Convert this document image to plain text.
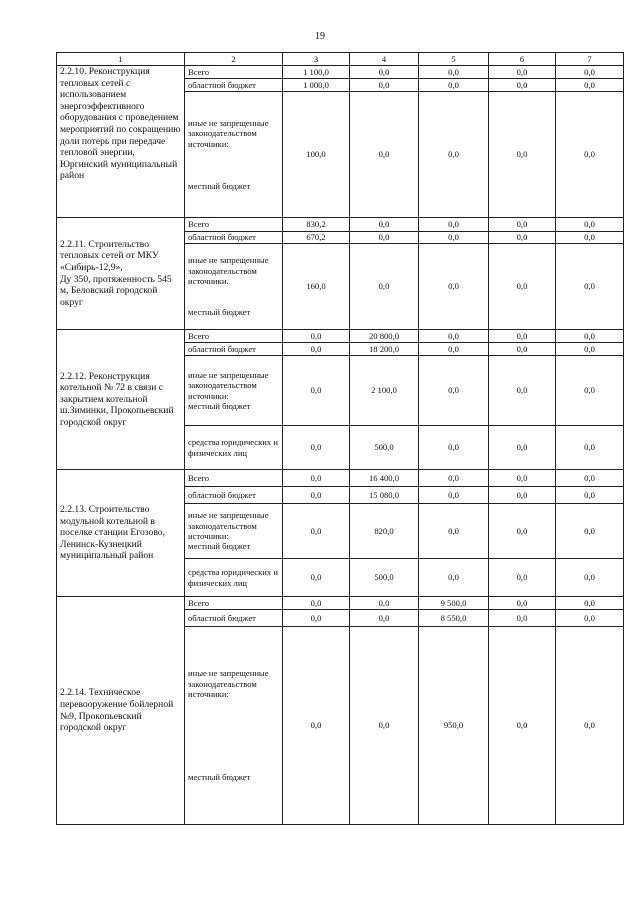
19
1	2	3	4	5	6	7
2.2.10. Реконструкция тепловых сетей с использованием энергоэффективного оборудования с проведением мероприятий по сокращению доли потерь при передаче тепловой энергии,
Юргинский муниципальный район	Всего	1 100,0	0,0	0,0	0,0	0,0
	областной бюджет	1 000,0	0,0	0,0	0,0	0,0
	иные не запрещенные законодательством источники:

местный бюджет	100,0	0,0	0,0	0,0	0,0
2.2.11. Строительство тепловых сетей от МКУ «Сибирь-12,9»,
Ду 350, протяженность 545 м, Беловский городской округ	Всего	830,2	0,0	0,0	0,0	0,0
	областной бюджет	670,2	0,0	0,0	0,0	0,0
	иные не запрещенные законодательством источники.

местный бюджет	160,0	0,0	0,0	0,0	0,0
2.2.12. Реконструкция котельной № 72 в связи с закрытием котельной ш.Зиминки, Прокопьевский городской округ	Всего	0,0	20 800,0	0,0	0,0	0,0
	областной бюджет	0,0	18 200,0	0,0	0,0	0,0
	иные не запрещенные законодательством источники:
местный бюджет	0,0	2 100,0	0,0	0,0	0,0
	средства юридических и физических лиц	0,0	500,0	0,0	0,0	0,0
2.2.13. Строительство модульной котельной в поселке станции Егозово,
Ленинск-Кузнецкий муниципальный район	Всего	0,0	16 400,0	0,0	0,0	0,0
	областной бюджет	0,0	15 080,0	0,0	0,0	0,0
	иные не запрещенные законодательством источники:
местный бюджет	0,0	820,0	0,0	0,0	0,0
	средства юридических и физических лиц	0,0	500,0	0,0	0,0	0,0
2.2.14. Техническое перевооружение бойлерной №9, Прокопьевский городской округ	Всего	0,0	0,0	9 500,0	0,0	0,0
	областной бюджет	0,0	0,0	8 550,0	0,0	0,0
	иные не запрещенные законодательством источники:

местный бюджет	0,0	0,0	950,0	0,0	0,0
